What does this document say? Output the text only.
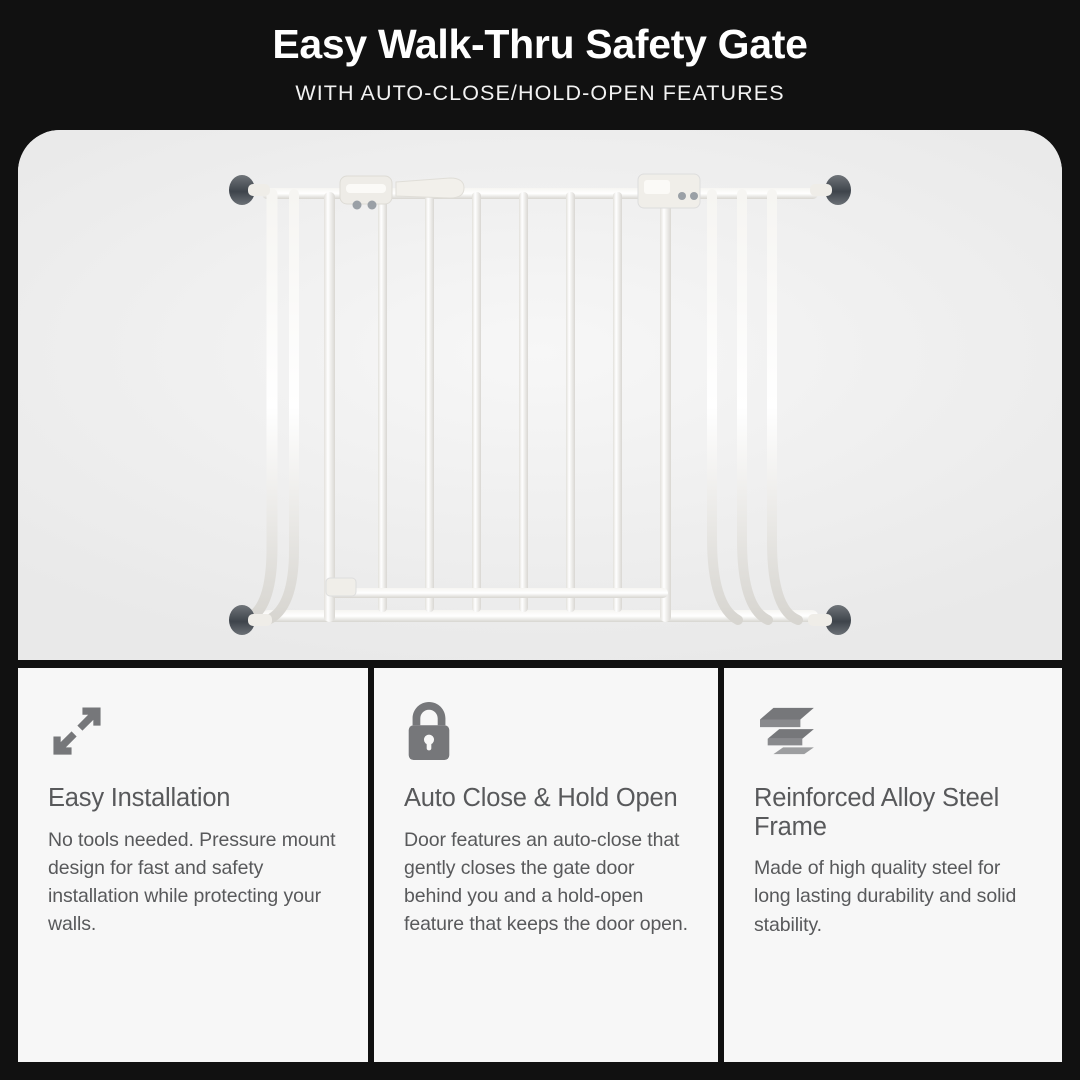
Easy Walk-Thru Safety Gate
WITH AUTO-CLOSE/HOLD-OPEN FEATURES
Easy Installation
No tools needed. Pressure mount design for fast and safety installation while protecting your walls.
Auto Close & Hold Open
Door features an auto-close that gently closes the gate door behind you and a hold-open feature that keeps the door open.
Reinforced Alloy Steel Frame
Made of high quality steel for long lasting durability and solid stability.
